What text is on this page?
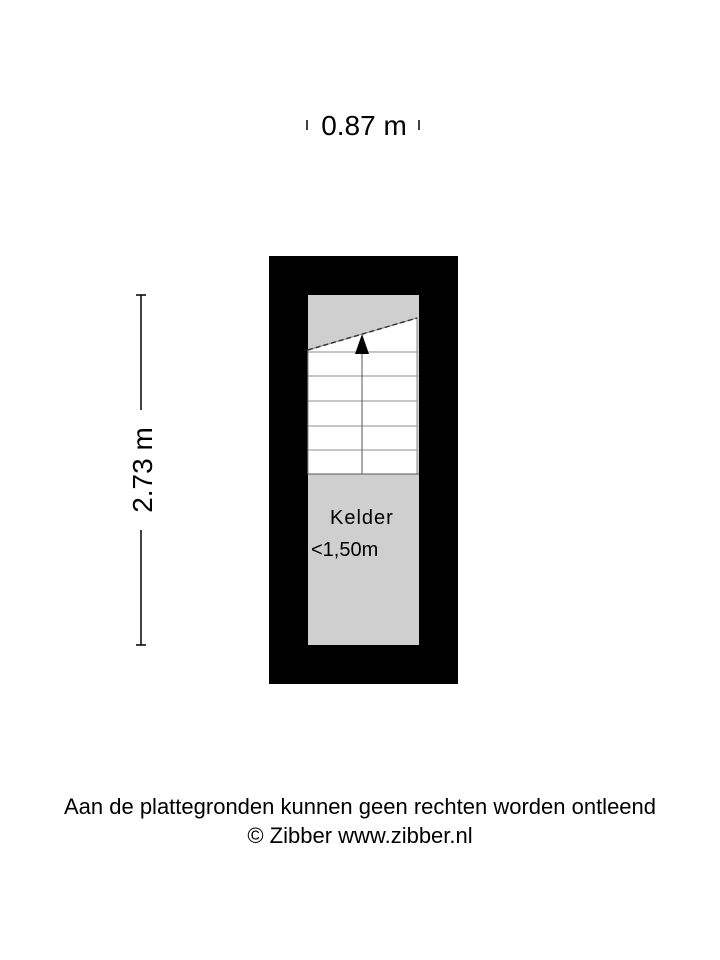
0.87 m
2.73 m
Kelder
<1,50m
Aan de plattegronden kunnen geen rechten worden ontleend
© Zibber www.zibber.nl
